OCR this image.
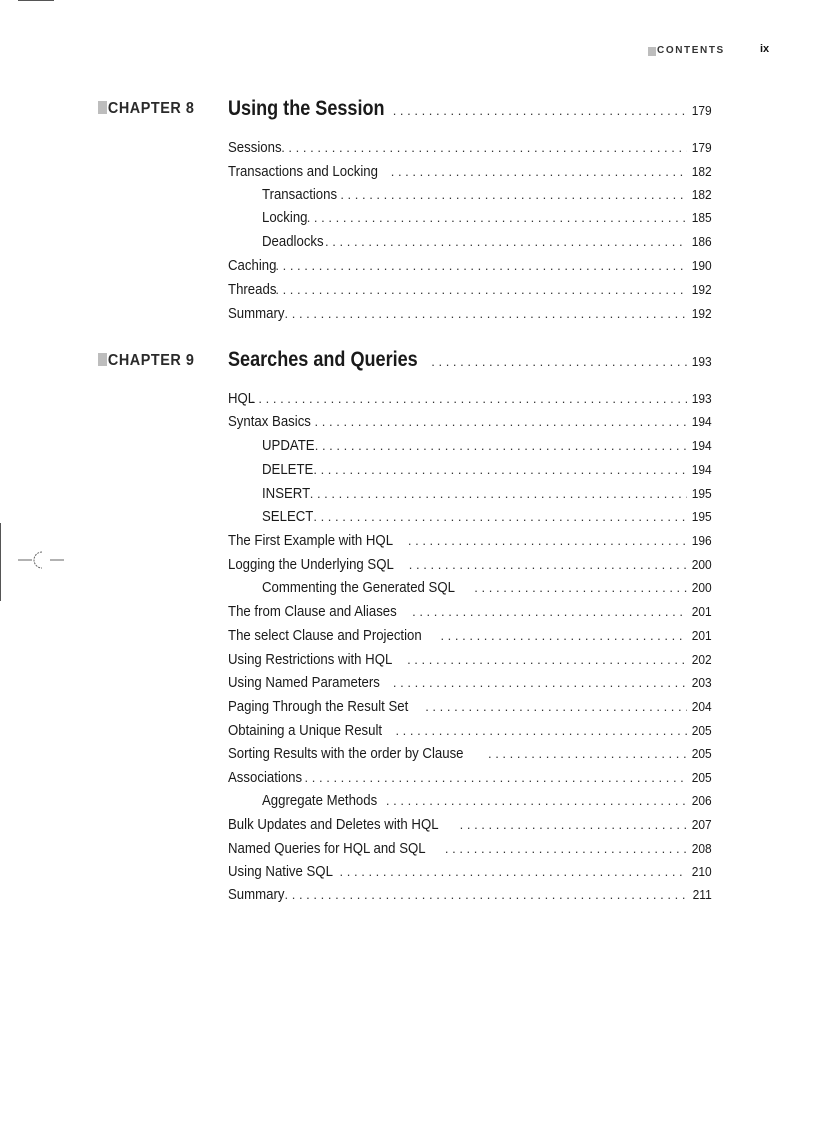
CONTENTS	ix
CHAPTER 8 Using the Session . . .	179
Sessions . . .	179
Transactions and Locking . . .	182
Transactions . . .	182
Locking . . .	185
Deadlocks . . .	186
Caching . . .	190
Threads . . .	192
Summary . . .	192
CHAPTER 9 Searches and Queries . . .	193
HQL . . .	193
Syntax Basics . . .	194
UPDATE . . .	194
DELETE . . .	194
INSERT . . .	195
SELECT . . .	195
The First Example with HQL . . .	196
Logging the Underlying SQL . . .	200
Commenting the Generated SQL . . .	200
The from Clause and Aliases . . .	201
The select Clause and Projection . . .	201
Using Restrictions with HQL . . .	202
Using Named Parameters . . .	203
Paging Through the Result Set . . .	204
Obtaining a Unique Result . . .	205
Sorting Results with the order by Clause . . .	205
Associations . . .	205
Aggregate Methods . . .	206
Bulk Updates and Deletes with HQL . . .	207
Named Queries for HQL and SQL . . .	208
Using Native SQL . . .	210
Summary . . .	211
